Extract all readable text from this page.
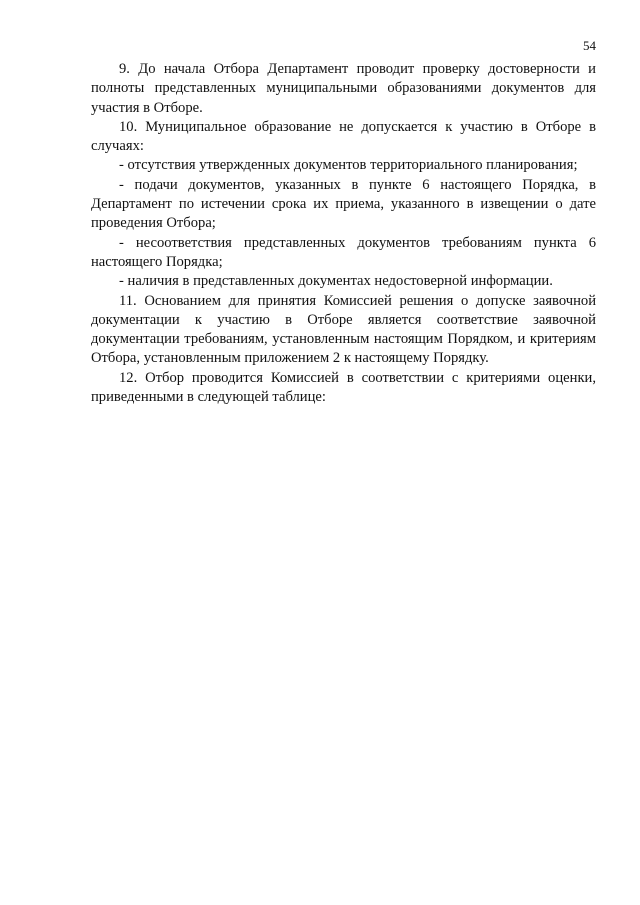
54

9. До начала Отбора Департамент проводит проверку достоверности и полноты представленных муниципальными образованиями документов для участия в Отборе.

10. Муниципальное образование не допускается к участию в Отборе в случаях:

- отсутствия утвержденных документов территориального планирования;

- подачи документов, указанных в пункте 6 настоящего Порядка, в Департамент по истечении срока их приема, указанного в извещении о дате проведения Отбора;

- несоответствия представленных документов требованиям пункта 6 настоящего Порядка;

- наличия в представленных документах недостоверной информации.

11. Основанием для принятия Комиссией решения о допуске заявочной документации к участию в Отборе является соответствие заявочной документации требованиям, установленным настоящим Порядком, и критериям Отбора, установленным приложением 2 к настоящему Порядку.

12. Отбор проводится Комиссией в соответствии с критериями оценки, приведенными в следующей таблице:
